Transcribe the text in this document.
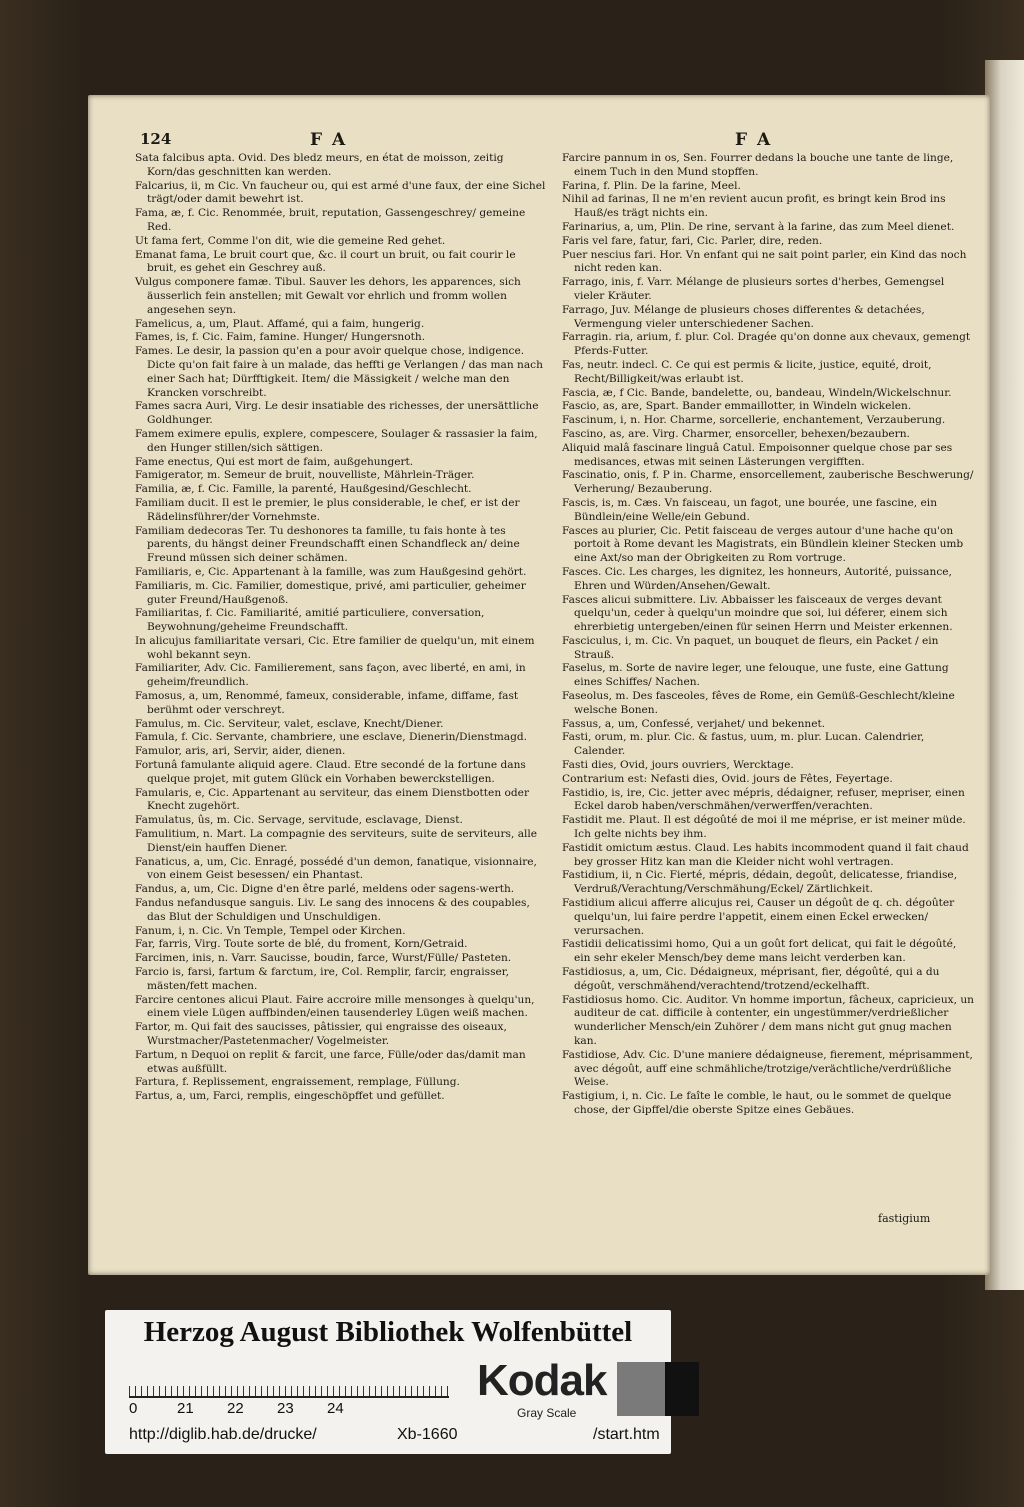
124	F A	F A

Sata falcibus apta. Ovid. Des bledz meurs, en état de moisson, zeitig Korn/das geschnitten kan werden.

Falcarius, ii, m Cic. Vn faucheur ou, qui est armé d'une faux, der eine Sichel trägt/oder damit bewehrt ist.

Fama, æ, f. Cic. Renommée, bruit, reputation, Gassengeschrey/ gemeine Red.

Ut fama fert, Comme l'on dit, wie die gemeine Red gehet.

Emanat fama, Le bruit court que, &c. il court un bruit, ou fait courir le bruit, es gehet ein Geschrey auß.

Vulgus componere famæ. Tibul. Sauver les dehors, les apparences, sich äusserlich fein anstellen; mit Gewalt vor ehrlich und fromm wollen angesehen seyn.

Famelicus, a, um, Plaut. Affamé, qui a faim, hungerig.

Fames, is, f. Cic. Faim, famine. Hunger/ Hungersnoth.

Fames. Le desir, la passion qu'en a pour avoir quelque chose, indigence. Dicte qu'on fait faire à un malade, das heffti ge Verlangen / das man nach einer Sach hat; Dürfftigkeit. Item/ die Mässigkeit / welche man den Krancken vorschreibt.

Fames sacra Auri, Virg. Le desir insatiable des richesses, der unersättliche Goldhunger.

Famem eximere epulis, explere, compescere, Soulager & rassasier la faim, den Hunger stillen/sich sättigen.

Fame enectus, Qui est mort de faim, außgehungert.

Famigerator, m. Semeur de bruit, nouvelliste, Mährlein-Träger.

Familia, æ, f. Cic. Famille, la parenté, Haußgesind/Geschlecht.

Familiam ducit. Il est le premier, le plus considerable, le chef, er ist der Rädelinsführer/der Vornehmste.

Familiam dedecoras Ter. Tu deshonores ta famille, tu fais honte à tes parents, du hängst deiner Freundschafft einen Schandfleck an/ deine Freund müssen sich deiner schämen.

Familiaris, e, Cic. Appartenant à la famille, was zum Haußgesind gehört.

Familiaris, m. Cic. Familier, domestique, privé, ami particulier, geheimer guter Freund/Haußgenoß.

Familiaritas, f. Cic. Familiarité, amitié particuliere, conversation, Beywohnung/geheime Freundschafft.

In alicujus familiaritate versari, Cic. Etre familier de quelqu'un, mit einem wohl bekannt seyn.

Familiariter, Adv. Cic. Familierement, sans façon, avec liberté, en ami, in geheim/freundlich.

Famosus, a, um, Renommé, fameux, considerable, infame, diffame, fast berühmt oder verschreyt.

Famulus, m. Cic. Serviteur, valet, esclave, Knecht/Diener.

Famula, f. Cic. Servante, chambriere, une esclave, Dienerin/Dienstmagd.

Famulor, aris, ari, Servir, aider, dienen.

Fortunâ famulante aliquid agere. Claud. Etre secondé de la fortune dans quelque projet, mit gutem Glück ein Vorhaben bewerckstelligen.

Famularis, e, Cic. Appartenant au serviteur, das einem Dienstbotten oder Knecht zugehört.

Famulatus, ûs, m. Cic. Servage, servitude, esclavage, Dienst.

Famulitium, n. Mart. La compagnie des serviteurs, suite de serviteurs, alle Dienst/ein hauffen Diener.

Fanaticus, a, um, Cic. Enragé, possédé d'un demon, fanatique, visionnaire, von einem Geist besessen/ ein Phantast.

Fandus, a, um, Cic. Digne d'en être parlé, meldens oder sagens-werth.

Fandus nefandusque sanguis. Liv. Le sang des innocens & des coupables, das Blut der Schuldigen und Unschuldigen.

Fanum, i, n. Cic. Vn Temple, Tempel oder Kirchen.

Far, farris, Virg. Toute sorte de blé, du froment, Korn/Getraid.

Farcimen, inis, n. Varr. Saucisse, boudin, farce, Wurst/Fülle/ Pasteten.

Farcio is, farsi, fartum & farctum, ire, Col. Remplir, farcir, engraisser, mästen/fett machen.

Farcire centones alicui Plaut. Faire accroire mille mensonges à quelqu'un, einem viele Lügen auffbinden/einen tausenderley Lügen weiß machen.

Fartor, m. Qui fait des saucisses, pâtissier, qui engraisse des oiseaux, Wurstmacher/Pastetenmacher/ Vogelmeister.

Fartum, n Dequoi on replit & farcit, une farce, Fülle/oder das/damit man etwas außfüllt.

Fartura, f. Replissement, engraissement, remplage, Füllung.

Fartus, a, um, Farci, remplis, eingeschöpffet und gefüllet.

Farcire pannum in os, Sen. Fourrer dedans la bouche une tante de linge, einem Tuch in den Mund stopffen.

Farina, f. Plin. De la farine, Meel.

Nihil ad farinas, Il ne m'en revient aucun profit, es bringt kein Brod ins Hauß/es trägt nichts ein.

Farinarius, a, um, Plin. De rine, servant à la farine, das zum Meel dienet.

Faris vel fare, fatur, fari, Cic. Parler, dire, reden.

Puer nescius fari. Hor. Vn enfant qui ne sait point parler, ein Kind das noch nicht reden kan.

Farrago, inis, f. Varr. Mélange de plusieurs sortes d'herbes, Gemengsel vieler Kräuter.

Farrago, Juv. Mélange de plusieurs choses differentes & detachées, Vermengung vieler unterschiedener Sachen.

Farragin. ria, arium, f. plur. Col. Dragée qu'on donne aux chevaux, gemengt Pferds-Futter.

Fas, neutr. indecl. C. Ce qui est permis & licite, justice, equité, droit, Recht/Billigkeit/was erlaubt ist.

Fascia, æ, f Cic. Bande, bandelette, ou, bandeau, Windeln/Wickelschnur.

Fascio, as, are, Spart. Bander emmaillotter, in Windeln wickelen.

Fascinum, i, n. Hor. Charme, sorcellerie, enchantement, Verzauberung.

Fascino, as, are. Virg. Charmer, ensorceller, behexen/bezaubern.

Aliquid malâ fascinare linguâ Catul. Empoisonner quelque chose par ses medisances, etwas mit seinen Lästerungen vergifften.

Fascinatio, onis, f. P in. Charme, ensorcellement, zauberische Beschwerung/ Verherung/ Bezauberung.

Fascis, is, m. Cæs. Vn faisceau, un fagot, une bourée, une fascine, ein Bündlein/eine Welle/ein Gebund.

Fasces au plurier, Cic. Petit faisceau de verges autour d'une hache qu'on portoit à Rome devant les Magistrats, ein Bündlein kleiner Stecken umb eine Axt/so man der Obrigkeiten zu Rom vortruge.

Fasces. Cic. Les charges, les dignitez, les honneurs, Autorité, puissance, Ehren und Würden/Ansehen/Gewalt.

Fasces alicui submittere. Liv. Abbaisser les faisceaux de verges devant quelqu'un, ceder à quelqu'un moindre que soi, lui déferer, einem sich ehrerbietig untergeben/einen für seinen Herrn und Meister erkennen.

Fasciculus, i, m. Cic. Vn paquet, un bouquet de fleurs, ein Packet / ein Strauß.

Faselus, m. Sorte de navire leger, une felouque, une fuste, eine Gattung eines Schiffes/ Nachen.

Faseolus, m. Des fasceoles, fêves de Rome, ein Gemüß-Geschlecht/kleine welsche Bonen.

Fassus, a, um, Confessé, verjahet/ und bekennet.

Fasti, orum, m. plur. Cic. & fastus, uum, m. plur. Lucan. Calendrier, Calender.

Fasti dies, Ovid, jours ouvriers, Wercktage.

Contrarium est: Nefasti dies, Ovid. jours de Fêtes, Feyertage.

Fastidio, is, ire, Cic. jetter avec mépris, dédaigner, refuser, mepriser, einen Eckel darob haben/verschmähen/verwerffen/verachten.

Fastidit me. Plaut. Il est dégoûté de moi il me méprise, er ist meiner müde. Ich gelte nichts bey ihm.

Fastidit omictum æstus. Claud. Les habits incommodent quand il fait chaud bey grosser Hitz kan man die Kleider nicht wohl vertragen.

Fastidium, ii, n Cic. Fierté, mépris, dédain, degoût, delicatesse, friandise, Verdruß/Verachtung/Verschmähung/Eckel/ Zärtlichkeit.

Fastidium alicui afferre alicujus rei, Causer un dégoût de q. ch. dégoûter quelqu'un, lui faire perdre l'appetit, einem einen Eckel erwecken/ verursachen.

Fastidii delicatissimi homo, Qui a un goût fort delicat, qui fait le dégoûté, ein sehr ekeler Mensch/bey deme mans leicht verderben kan.

Fastidiosus, a, um, Cic. Dédaigneux, méprisant, fier, dégoûté, qui a du dégoût, verschmähend/verachtend/trotzend/eckelhafft.

Fastidiosus homo. Cic. Auditor. Vn homme importun, fâcheux, capricieux, un auditeur de cat. difficile à contenter, ein ungestümmer/verdrießlicher wunderlicher Mensch/ein Zuhörer / dem mans nicht gut gnug machen kan.

Fastidiose, Adv. Cic. D'une maniere dédaigneuse, fierement, méprisamment, avec dégoût, auff eine schmähliche/trotzige/verächtliche/verdrüßliche Weise.

Fastigium, i, n. Cic. Le faîte le comble, le haut, ou le sommet de quelque chose, der Gipffel/die oberste Spitze eines Gebäues.

fastigium
Herzog August Bibliothek Wolfenbüttel
0	21 22 23 24
Kodak
Gray Scale
http://diglib.hab.de/drucke/	Xb-1660	/start.htm
